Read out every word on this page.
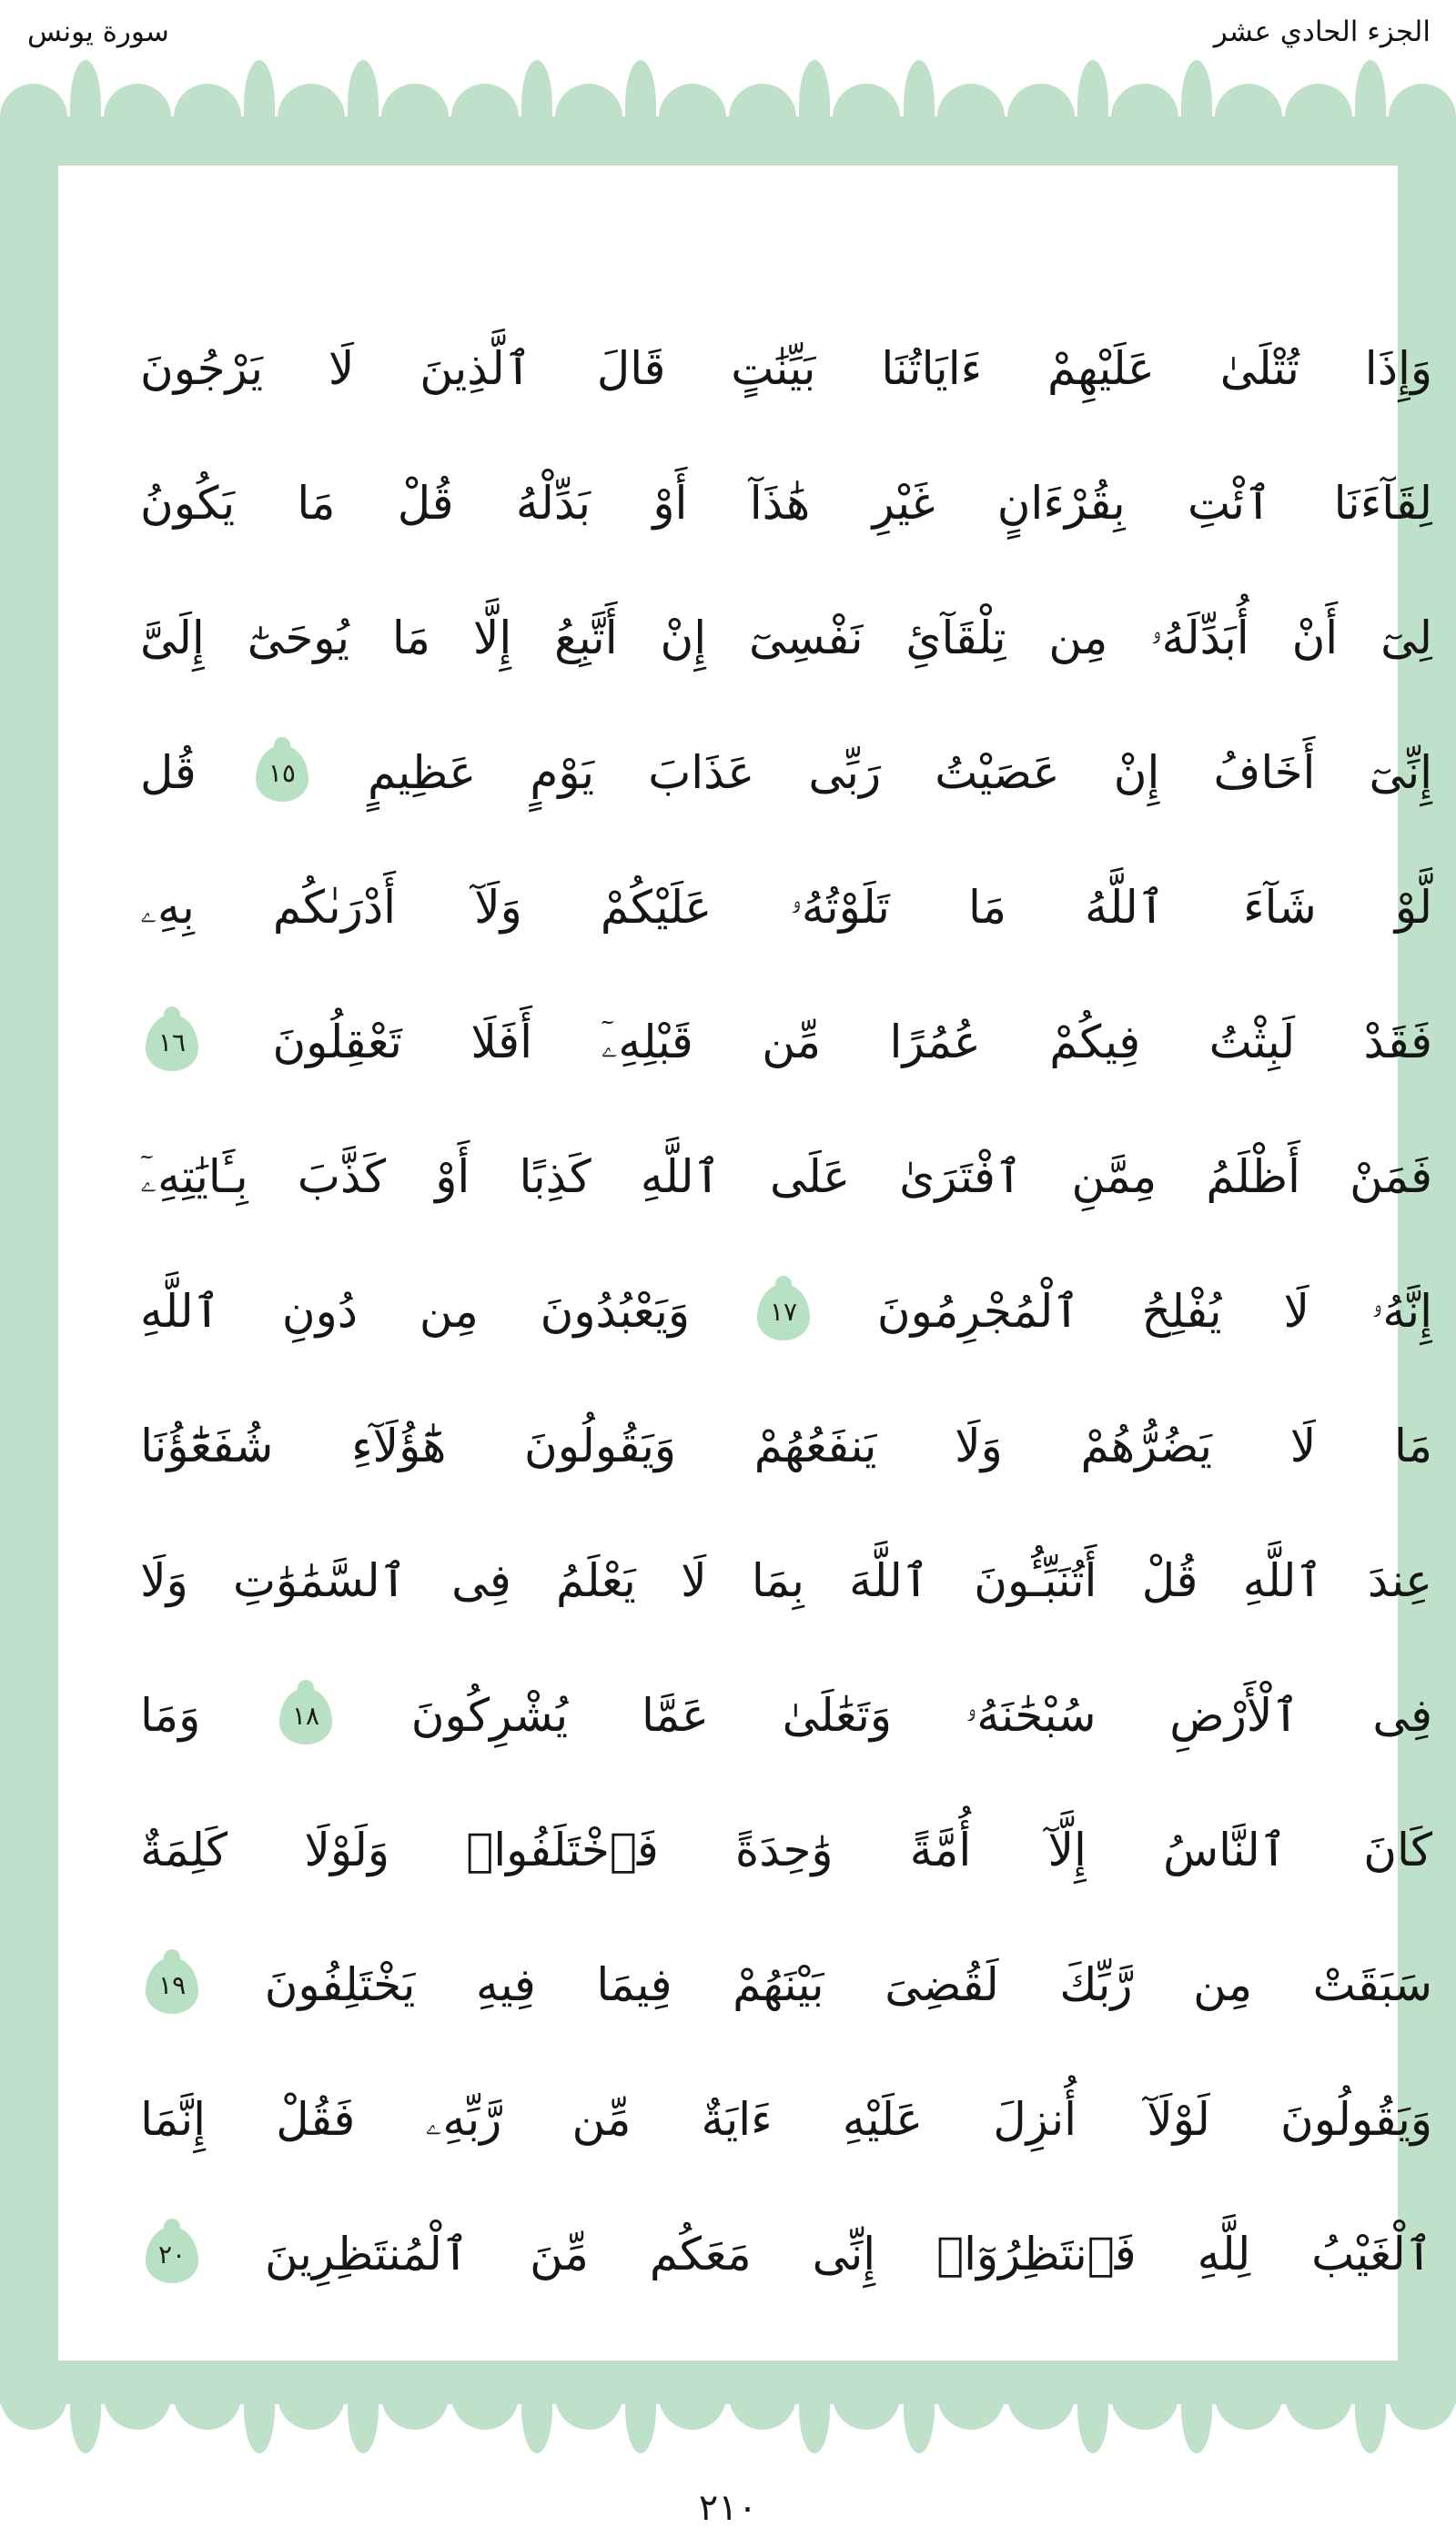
سورة يونس	الجزء الحادي عشر
وَإِذَا
تُتْلَىٰ
عَلَيْهِمْ
ءَايَاتُنَا
بَيِّنَٰتٍ
قَالَ
ٱلَّذِينَ
لَا
يَرْجُونَ
لِقَآءَنَا
ٱئْتِ
بِقُرْءَانٍ
غَيْرِ
هَٰذَآ
أَوْ
بَدِّلْهُ
قُلْ
مَا
يَكُونُ
لِىٓ
أَنْ
أُبَدِّلَهُۥ
مِن
تِلْقَآئِ
نَفْسِىٓ
إِنْ
أَتَّبِعُ
إِلَّا
مَا
يُوحَىٰٓ
إِلَىَّ
إِنِّىٓ
أَخَافُ
إِنْ
عَصَيْتُ
رَبِّى
عَذَابَ
يَوْمٍ
عَظِيمٍ
١٥
قُل
لَّوْ
شَآءَ
ٱللَّهُ
مَا
تَلَوْتُهُۥ
عَلَيْكُمْ
وَلَآ
أَدْرَىٰكُم
بِهِۦ
فَقَدْ
لَبِثْتُ
فِيكُمْ
عُمُرًا
مِّن
قَبْلِهِۦٓ
أَفَلَا
تَعْقِلُونَ
١٦
فَمَنْ
أَظْلَمُ
مِمَّنِ
ٱفْتَرَىٰ
عَلَى
ٱللَّهِ
كَذِبًا
أَوْ
كَذَّبَ
بِـَٔايَٰتِهِۦٓ
إِنَّهُۥ
لَا
يُفْلِحُ
ٱلْمُجْرِمُونَ
١٧
وَيَعْبُدُونَ
مِن
دُونِ
ٱللَّهِ
مَا
لَا
يَضُرُّهُمْ
وَلَا
يَنفَعُهُمْ
وَيَقُولُونَ
هَٰٓؤُلَآءِ
شُفَعَٰٓؤُنَا
عِندَ
ٱللَّهِ
قُلْ
أَتُنَبِّـُٔونَ
ٱللَّهَ
بِمَا
لَا
يَعْلَمُ
فِى
ٱلسَّمَٰوَٰتِ
وَلَا
فِى
ٱلْأَرْضِ
سُبْحَٰنَهُۥ
وَتَعَٰلَىٰ
عَمَّا
يُشْرِكُونَ
١٨
وَمَا
كَانَ
ٱلنَّاسُ
إِلَّآ
أُمَّةً
وَٰحِدَةً
فَٱخْتَلَفُوا۟
وَلَوْلَا
كَلِمَةٌ
سَبَقَتْ
مِن
رَّبِّكَ
لَقُضِىَ
بَيْنَهُمْ
فِيمَا
فِيهِ
يَخْتَلِفُونَ
١٩
وَيَقُولُونَ
لَوْلَآ
أُنزِلَ
عَلَيْهِ
ءَايَةٌ
مِّن
رَّبِّهِۦ
فَقُلْ
إِنَّمَا
ٱلْغَيْبُ
لِلَّهِ
فَٱنتَظِرُوٓا۟
إِنِّى
مَعَكُم
مِّنَ
ٱلْمُنتَظِرِينَ
٢٠
٢١٠
